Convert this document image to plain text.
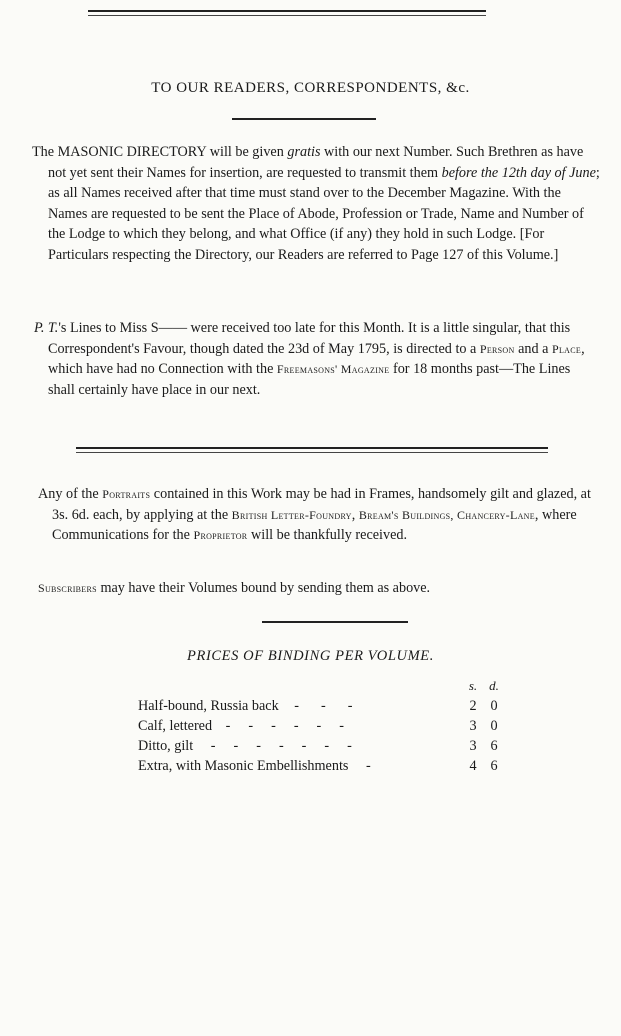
TO OUR READERS, CORRESPONDENTS, &c.

The MASONIC DIRECTORY will be given gratis with our next Number. Such Brethren as have not yet sent their Names for insertion, are requested to transmit them before the 12th day of June; as all Names received after that time must stand over to the December Magazine. With the Names are requested to be sent the Place of Abode, Profession or Trade, Name and Number of the Lodge to which they belong, and what Office (if any) they hold in such Lodge. [For Particulars respecting the Directory, our Readers are referred to Page 127 of this Volume.]

P. T.'s Lines to Miss S—— were received too late for this Month. It is a little singular, that this Correspondent's Favour, though dated the 23d of May 1795, is directed to a Person and a Place, which have had no Connection with the Freemasons' Magazine for 18 months past—The Lines shall certainly have place in our next.

Any of the Portraits contained in this Work may be had in Frames, handsomely gilt and glazed, at 3s. 6d. each, by applying at the British Letter-Foundry, Bream's Buildings, Chancery-Lane, where Communications for the Proprietor will be thankfully received.

Subscribers may have their Volumes bound by sending them as above.

PRICES OF BINDING PER VOLUME.
		s.	d.
Half-bound, Russia back ---		2	0
Calf, lettered ------		3	0
Ditto, gilt -------		3	6
Extra, with Masonic Embellishments -		4	6
